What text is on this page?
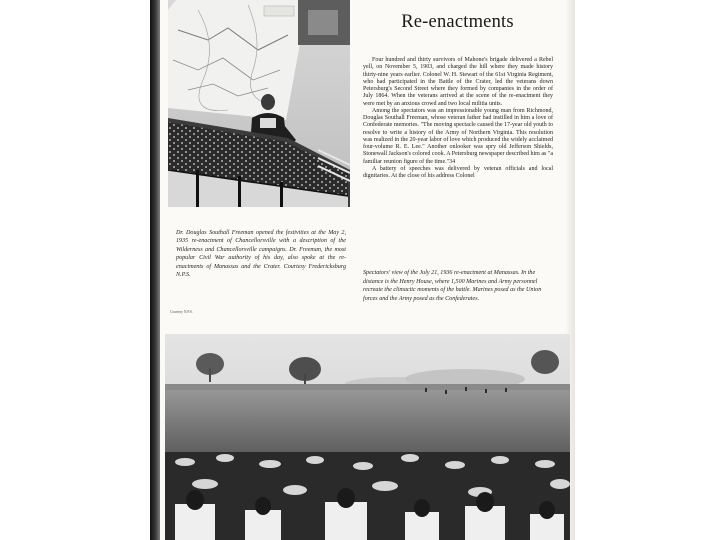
Dr. Douglas Southall Freeman opened the festivities at the May 2, 1935 re-enactment of Chancellorsville with a description of the Wilderness and Chancellorsville campaigns. Dr. Freeman, the most popular Civil War authority of his day, also spoke at the re-enactments of Manassas and the Crater. Courtesy Fredericksburg N.P.S.
Re-enactments

Four hundred and thirty survivors of Mahone's brigade delivered a Rebel yell, on November 5, 1903, and charged the hill where they made history thirty-nine years earlier. Colonel W. H. Stewart of the 61st Virginia Regiment, who had participated in the Battle of the Crater, led the veterans down Petersburg's Second Street where they formed by companies in the order of July 1864. When the veterans arrived at the scene of the re-enactment they were met by an anxious crowd and two local militia units.

Among the spectators was an impressionable young man from Richmond, Douglas Southall Freeman, whose veteran father had instilled in him a love of Confederate memories. "The moving spectacle caused the 17-year old youth to resolve to write a history of the Army of Northern Virginia. This resolution was realized in the 20-year labor of love which produced the widely acclaimed four-volume R. E. Lee." Another onlooker was spry old Jefferson Shields, Stonewall Jackson's colored cook. A Petersburg newspaper described him as "a familiar reunion figure of the time."34

A battery of speeches was delivered by veteran officials and local dignitaries. At the close of his address Colonel

Spectators' view of the July 21, 1936 re-enactment at Manassas. In the distance is the Henry House, where 1,500 Marines and Army personnel recreate the climactic moments of the battle. Marines posed as the Union forces and the Army posed as the Confederates.
Courtesy N.P.S.
